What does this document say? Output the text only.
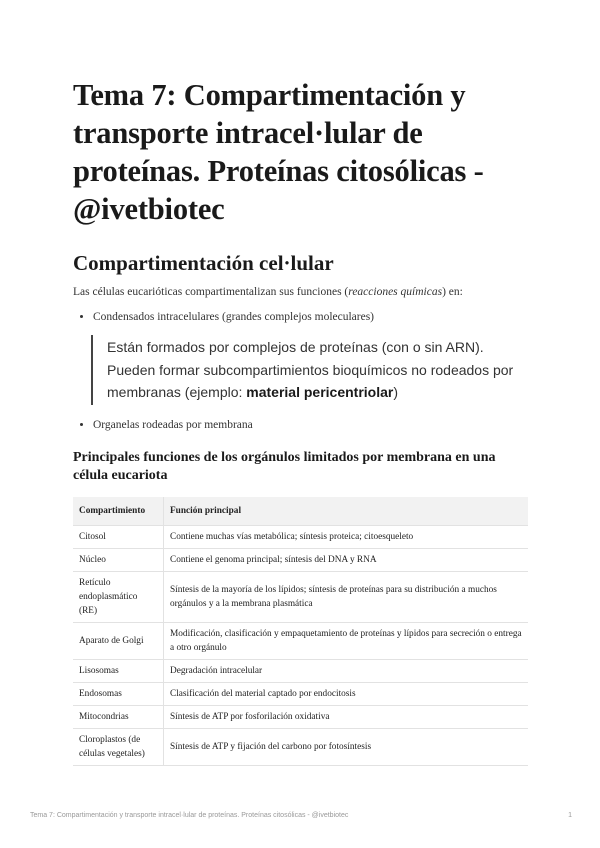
Tema 7: Compartimentación y transporte intracel·lular de proteínas. Proteínas citosólicas - @ivetbiotec
Compartimentación cel·lular

Las células eucarióticas compartimentalizan sus funciones (reacciones químicas) en:

• Condensados intracelulares (grandes complejos moleculares)
Están formados por complejos de proteínas (con o sin ARN). Pueden formar subcompartimientos bioquímicos no rodeados por membranas (ejemplo: material pericentriolar)
• Organelas rodeadas por membrana
Principales funciones de los orgánulos limitados por membrana en una célula eucariota
Compartimiento	Función principal
Citosol	Contiene muchas vías metabólica; síntesis proteica; citoesqueleto
Núcleo	Contiene el genoma principal; síntesis del DNA y RNA
Retículo endoplasmático (RE)	Síntesis de la mayoría de los lípidos; síntesis de proteínas para su distribución a muchos orgánulos y a la membrana plasmática
Aparato de Golgi	Modificación, clasificación y empaquetamiento de proteínas y lípidos para secreción o entrega a otro orgánulo
Lisosomas	Degradación intracelular
Endosomas	Clasificación del material captado por endocitosis
Mitocondrias	Síntesis de ATP por fosforilación oxidativa
Cloroplastos (de células vegetales)	Síntesis de ATP y fijación del carbono por fotosíntesis
Tema 7: Compartimentación y transporte intracel·lular de proteínas. Proteínas citosólicas - @ivetbiotec	1
